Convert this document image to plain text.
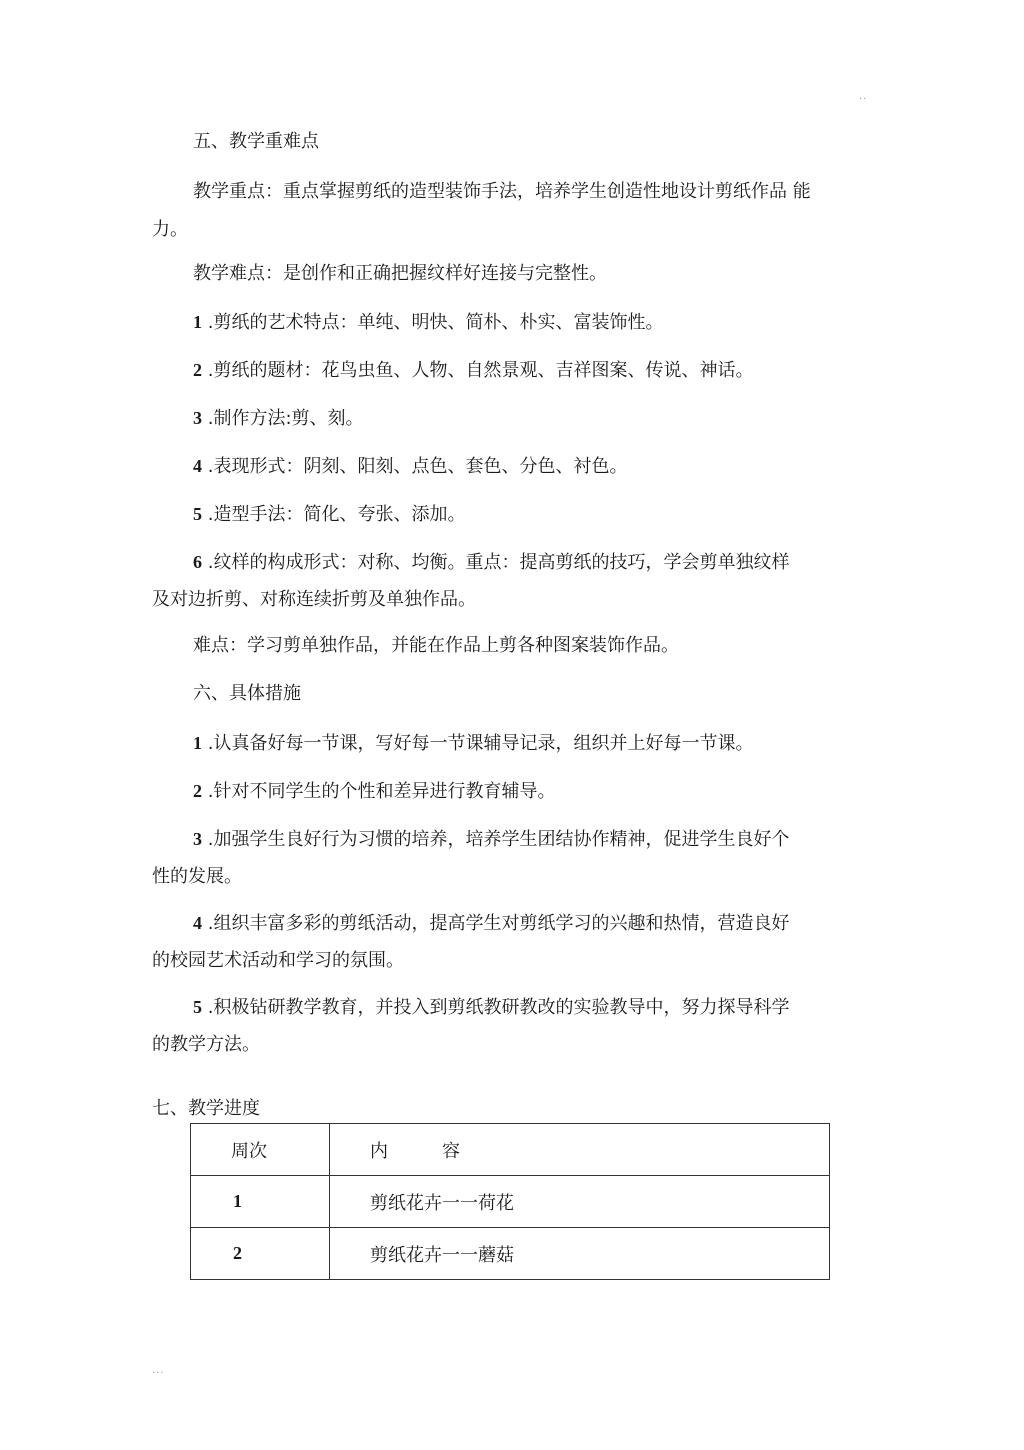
··
···
五、教学重难点
教学重点：重点掌握剪纸的造型装饰手法，培养学生创造性地设计剪纸作品 能
力。
教学难点：是创作和正确把握纹样好连接与完整性。
1 .剪纸的艺术特点：单纯、明快、简朴、朴实、富装饰性。
2 .剪纸的题材：花鸟虫鱼、人物、自然景观、吉祥图案、传说、神话。
3 .制作方法:剪、刻。
4 .表现形式：阴刻、阳刻、点色、套色、分色、衬色。
5 .造型手法：简化、夸张、添加。
6 .纹样的构成形式：对称、均衡。重点：提高剪纸的技巧，学会剪单独纹样
及对边折剪、对称连续折剪及单独作品。
难点：学习剪单独作品，并能在作品上剪各种图案装饰作品。
六、具体措施
1 .认真备好每一节课，写好每一节课辅导记录，组织并上好每一节课。
2 .针对不同学生的个性和差异进行教育辅导。
3 .加强学生良好行为习惯的培养，培养学生团结协作精神，促进学生良好个
性的发展。
4 .组织丰富多彩的剪纸活动，提高学生对剪纸学习的兴趣和热情，营造良好
的校园艺术活动和学习的氛围。
5 .积极钻研教学教育，并投入到剪纸教研教改的实验教导中，努力探导科学
的教学方法。
七、教学进度
周次	内 容
1	剪纸花卉一一荷花
2	剪纸花卉一一蘑菇
